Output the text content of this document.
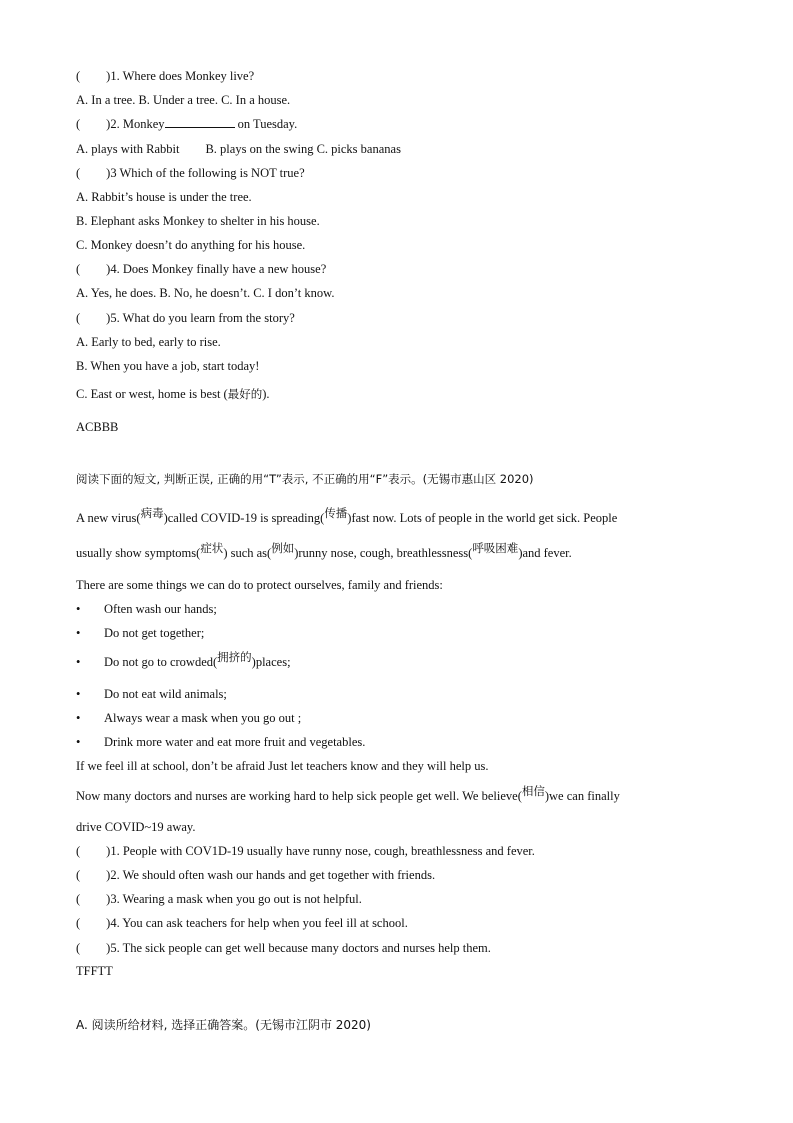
( )1. Where does Monkey live?
A. In a tree. B. Under a tree. C. In a house.
( )2. Monkey	on Tuesday.
A. plays with Rabbit B. plays on the swing C. picks bananas
( )3 Which of the following is NOT true?
A. Rabbit’s house is under the tree.
B. Elephant asks Monkey to shelter in his house.
C. Monkey doesn’t do anything for his house.
( )4. Does Monkey finally have a new house?
A. Yes, he does. B. No, he doesn’t. C. I don’t know.
( )5. What do you learn from the story?
A. Early to bed, early to rise.
B. When you have a job, start today!
C. East or west, home is best (最好的).
ACBBB
阅读下面的短文, 判断正误, 正确的用“T”表示, 不正确的用“F”表示。(无锡市惠山区 2020)
A new virus(病毒)called COVID-19 is spreading(传播)fast now. Lots of people in the world get sick. People
usually show symptoms(症状) such as(例如)runny nose, cough, breathlessness(呼吸困难)and fever.
There are some things we can do to protect ourselves, family and friends:
• Often wash our hands;
• Do not get together;
• Do not go to crowded(拥挤的)places;
• Do not eat wild animals;
• Always wear a mask when you go out ;
• Drink more water and eat more fruit and vegetables.
If we feel ill at school, don’t be afraid Just let teachers know and they will help us.
Now many doctors and nurses are working hard to help sick people get well. We believe(相信)we can finally
drive COVID~19 away.
( )1. People with COV1D-19 usually have runny nose, cough, breathlessness and fever.
( )2. We should often wash our hands and get together with friends.
( )3. Wearing a mask when you go out is not helpful.
( )4. You can ask teachers for help when you feel ill at school.
( )5. The sick people can get well because many doctors and nurses help them.
TFFTT
A. 阅读所给材料, 选择正确答案。(无锡市江阴市 2020)
